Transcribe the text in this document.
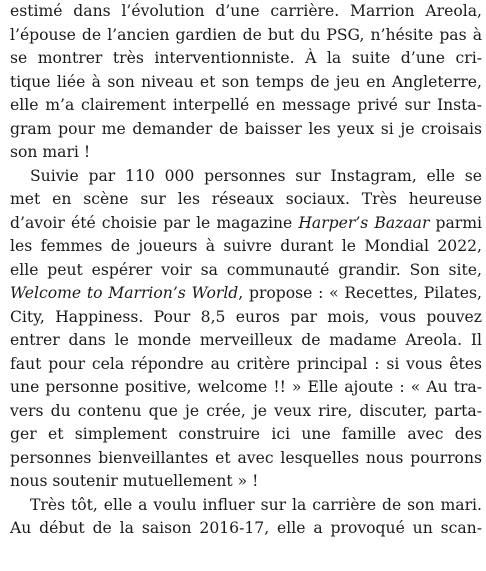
estimé dans l’évolution d’une carrière. Marrion Areola,
l’épouse de l’ancien gardien de but du PSG, n’hésite pas à
se montrer très interventionniste. À la suite d’une cri-
tique liée à son niveau et son temps de jeu en Angleterre,
elle m’a clairement interpellé en message privé sur Insta-
gram pour me demander de baisser les yeux si je croisais
son mari !
Suivie par 110 000 personnes sur Instagram, elle se
met en scène sur les réseaux sociaux. Très heureuse
d’avoir été choisie par le magazine Harper’s Bazaar parmi
les femmes de joueurs à suivre durant le Mondial 2022,
elle peut espérer voir sa communauté grandir. Son site,
Welcome to Marrion’s World, propose : « Recettes, Pilates,
City, Happiness. Pour 8,5 euros par mois, vous pouvez
entrer dans le monde merveilleux de madame Areola. Il
faut pour cela répondre au critère principal : si vous êtes
une personne positive, welcome !! » Elle ajoute : « Au tra-
vers du contenu que je crée, je veux rire, discuter, parta-
ger et simplement construire ici une famille avec des
personnes bienveillantes et avec lesquelles nous pourrons
nous soutenir mutuellement » !
Très tôt, elle a voulu influer sur la carrière de son mari.
Au début de la saison 2016-17, elle a provoqué un scan-
